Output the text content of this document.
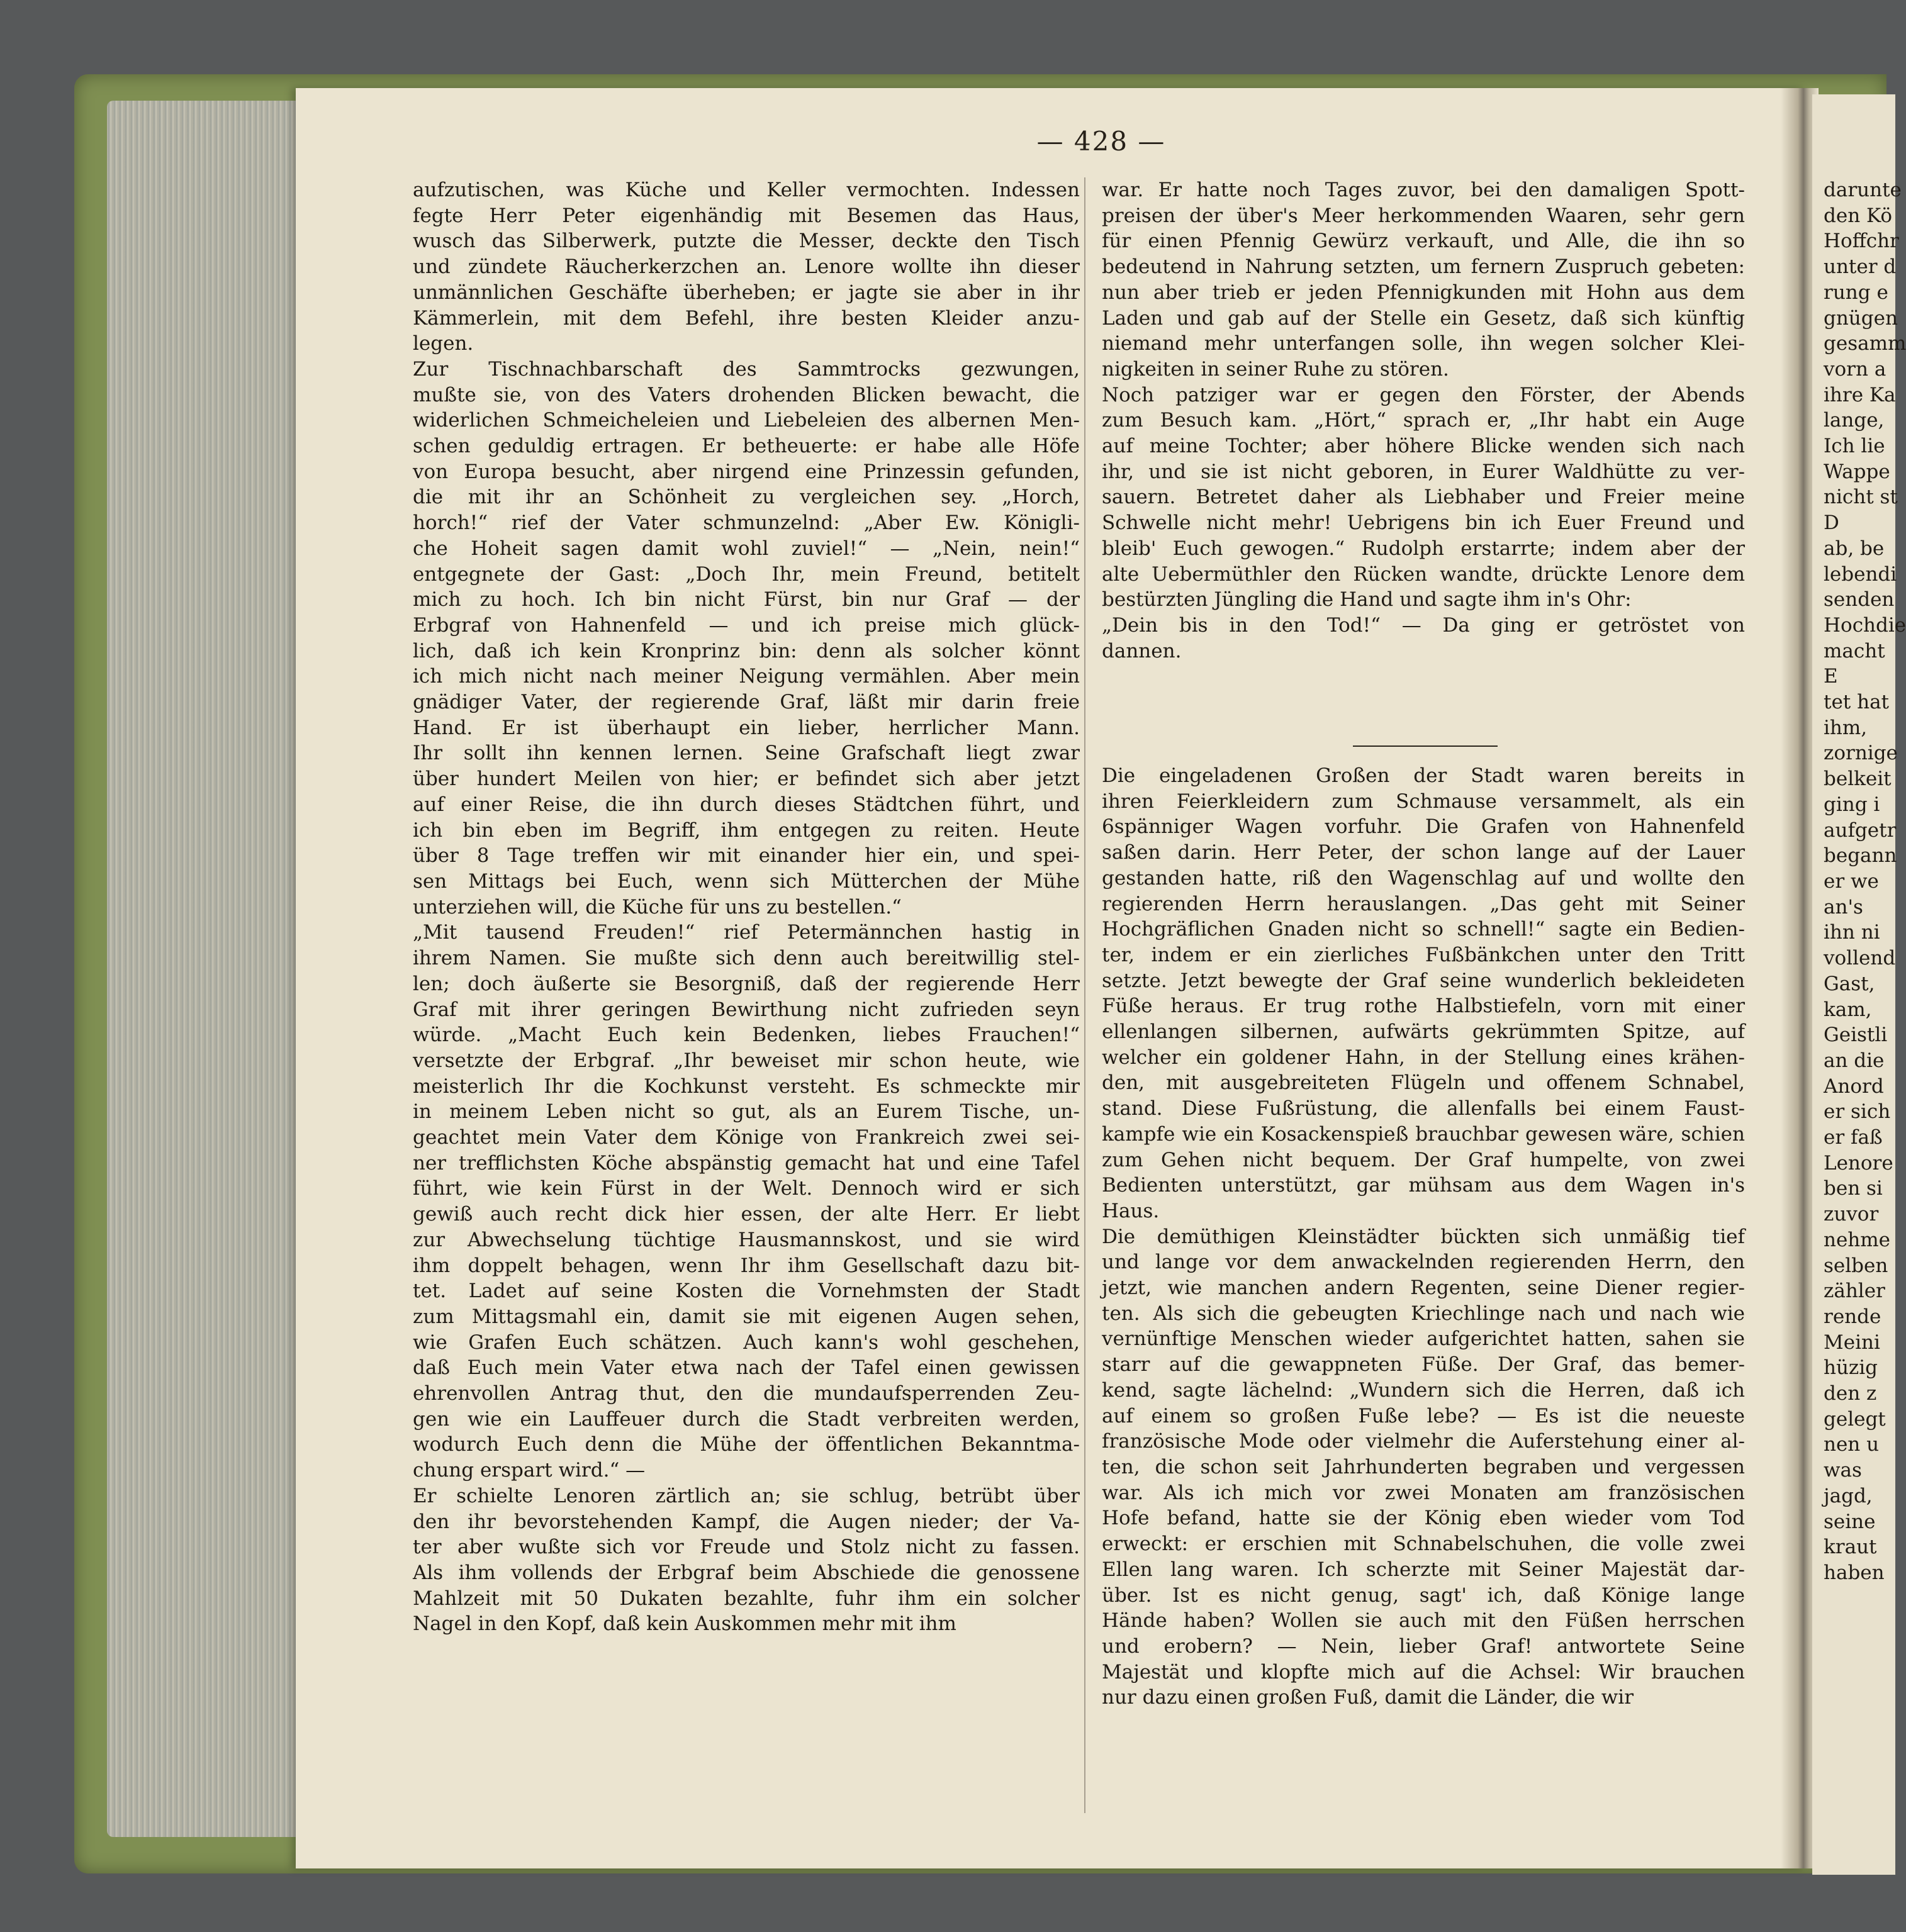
— 428 —
aufzutischen, was Küche und Keller vermochten. Indessen
fegte Herr Peter eigenhändig mit Besemen das Haus,
wusch das Silberwerk, putzte die Messer, deckte den Tisch
und zündete Räucherkerzchen an. Lenore wollte ihn dieser
unmännlichen Geschäfte überheben; er jagte sie aber in ihr
Kämmerlein, mit dem Befehl, ihre besten Kleider anzu-
legen.
Zur Tischnachbarschaft des Sammtrocks gezwungen,
mußte sie, von des Vaters drohenden Blicken bewacht, die
widerlichen Schmeicheleien und Liebeleien des albernen Men-
schen geduldig ertragen. Er betheuerte: er habe alle Höfe
von Europa besucht, aber nirgend eine Prinzessin gefunden,
die mit ihr an Schönheit zu vergleichen sey. „Horch,
horch!“ rief der Vater schmunzelnd: „Aber Ew. Königli-
che Hoheit sagen damit wohl zuviel!“ — „Nein, nein!“
entgegnete der Gast: „Doch Ihr, mein Freund, betitelt
mich zu hoch. Ich bin nicht Fürst, bin nur Graf — der
Erbgraf von Hahnenfeld — und ich preise mich glück-
lich, daß ich kein Kronprinz bin: denn als solcher könnt
ich mich nicht nach meiner Neigung vermählen. Aber mein
gnädiger Vater, der regierende Graf, läßt mir darin freie
Hand. Er ist überhaupt ein lieber, herrlicher Mann.
Ihr sollt ihn kennen lernen. Seine Grafschaft liegt zwar
über hundert Meilen von hier; er befindet sich aber jetzt
auf einer Reise, die ihn durch dieses Städtchen führt, und
ich bin eben im Begriff, ihm entgegen zu reiten. Heute
über 8 Tage treffen wir mit einander hier ein, und spei-
sen Mittags bei Euch, wenn sich Mütterchen der Mühe
unterziehen will, die Küche für uns zu bestellen.“
„Mit tausend Freuden!“ rief Petermännchen hastig in
ihrem Namen. Sie mußte sich denn auch bereitwillig stel-
len; doch äußerte sie Besorgniß, daß der regierende Herr
Graf mit ihrer geringen Bewirthung nicht zufrieden seyn
würde. „Macht Euch kein Bedenken, liebes Frauchen!“
versetzte der Erbgraf. „Ihr beweiset mir schon heute, wie
meisterlich Ihr die Kochkunst versteht. Es schmeckte mir
in meinem Leben nicht so gut, als an Eurem Tische, un-
geachtet mein Vater dem Könige von Frankreich zwei sei-
ner trefflichsten Köche abspänstig gemacht hat und eine Tafel
führt, wie kein Fürst in der Welt. Dennoch wird er sich
gewiß auch recht dick hier essen, der alte Herr. Er liebt
zur Abwechselung tüchtige Hausmannskost, und sie wird
ihm doppelt behagen, wenn Ihr ihm Gesellschaft dazu bit-
tet. Ladet auf seine Kosten die Vornehmsten der Stadt
zum Mittagsmahl ein, damit sie mit eigenen Augen sehen,
wie Grafen Euch schätzen. Auch kann's wohl geschehen,
daß Euch mein Vater etwa nach der Tafel einen gewissen
ehrenvollen Antrag thut, den die mundaufsperrenden Zeu-
gen wie ein Lauffeuer durch die Stadt verbreiten werden,
wodurch Euch denn die Mühe der öffentlichen Bekanntma-
chung erspart wird.“ —
Er schielte Lenoren zärtlich an; sie schlug, betrübt über
den ihr bevorstehenden Kampf, die Augen nieder; der Va-
ter aber wußte sich vor Freude und Stolz nicht zu fassen.
Als ihm vollends der Erbgraf beim Abschiede die genossene
Mahlzeit mit 50 Dukaten bezahlte, fuhr ihm ein solcher
Nagel in den Kopf, daß kein Auskommen mehr mit ihm
war. Er hatte noch Tages zuvor, bei den damaligen Spott-
preisen der über's Meer herkommenden Waaren, sehr gern
für einen Pfennig Gewürz verkauft, und Alle, die ihn so
bedeutend in Nahrung setzten, um fernern Zuspruch gebeten:
nun aber trieb er jeden Pfennigkunden mit Hohn aus dem
Laden und gab auf der Stelle ein Gesetz, daß sich künftig
niemand mehr unterfangen solle, ihn wegen solcher Klei-
nigkeiten in seiner Ruhe zu stören.
Noch patziger war er gegen den Förster, der Abends
zum Besuch kam. „Hört,“ sprach er, „Ihr habt ein Auge
auf meine Tochter; aber höhere Blicke wenden sich nach
ihr, und sie ist nicht geboren, in Eurer Waldhütte zu ver-
sauern. Betretet daher als Liebhaber und Freier meine
Schwelle nicht mehr! Uebrigens bin ich Euer Freund und
bleib' Euch gewogen.“ Rudolph erstarrte; indem aber der
alte Uebermüthler den Rücken wandte, drückte Lenore dem
bestürzten Jüngling die Hand und sagte ihm in's Ohr:
„Dein bis in den Tod!“ — Da ging er getröstet von
dannen.
Die eingeladenen Großen der Stadt waren bereits in
ihren Feierkleidern zum Schmause versammelt, als ein
6spänniger Wagen vorfuhr. Die Grafen von Hahnenfeld
saßen darin. Herr Peter, der schon lange auf der Lauer
gestanden hatte, riß den Wagenschlag auf und wollte den
regierenden Herrn herauslangen. „Das geht mit Seiner
Hochgräflichen Gnaden nicht so schnell!“ sagte ein Bedien-
ter, indem er ein zierliches Fußbänkchen unter den Tritt
setzte. Jetzt bewegte der Graf seine wunderlich bekleideten
Füße heraus. Er trug rothe Halbstiefeln, vorn mit einer
ellenlangen silbernen, aufwärts gekrümmten Spitze, auf
welcher ein goldener Hahn, in der Stellung eines krähen-
den, mit ausgebreiteten Flügeln und offenem Schnabel,
stand. Diese Fußrüstung, die allenfalls bei einem Faust-
kampfe wie ein Kosackenspieß brauchbar gewesen wäre, schien
zum Gehen nicht bequem. Der Graf humpelte, von zwei
Bedienten unterstützt, gar mühsam aus dem Wagen in's
Haus.
Die demüthigen Kleinstädter bückten sich unmäßig tief
und lange vor dem anwackelnden regierenden Herrn, den
jetzt, wie manchen andern Regenten, seine Diener regier-
ten. Als sich die gebeugten Kriechlinge nach und nach wie
vernünftige Menschen wieder aufgerichtet hatten, sahen sie
starr auf die gewappneten Füße. Der Graf, das bemer-
kend, sagte lächelnd: „Wundern sich die Herren, daß ich
auf einem so großen Fuße lebe? — Es ist die neueste
französische Mode oder vielmehr die Auferstehung einer al-
ten, die schon seit Jahrhunderten begraben und vergessen
war. Als ich mich vor zwei Monaten am französischen
Hofe befand, hatte sie der König eben wieder vom Tod
erweckt: er erschien mit Schnabelschuhen, die volle zwei
Ellen lang waren. Ich scherzte mit Seiner Majestät dar-
über. Ist es nicht genug, sagt' ich, daß Könige lange
Hände haben? Wollen sie auch mit den Füßen herrschen
und erobern? — Nein, lieber Graf! antwortete Seine
Majestät und klopfte mich auf die Achsel: Wir brauchen
nur dazu einen großen Fuß, damit die Länder, die wir
darunte
den Kö
Hoffchr
unter d
rung e
gnügen
gesamm
vorn a
ihre Ka
lange,
Ich lie
Wappe
nicht st
D
ab, be
lebendi
senden
Hochdie
macht
E
tet hat
ihm,
zornige
belkeit
ging i
aufgetr
begann
er we
an's
ihn ni
vollend
Gast,
kam,
Geistli
an die
Anord
er sich
er faß
Lenore
ben si
zuvor
nehme
selben
zähler
rende
Meini
hüzig
den z
gelegt
nen u
was
jagd,
seine
kraut
haben
